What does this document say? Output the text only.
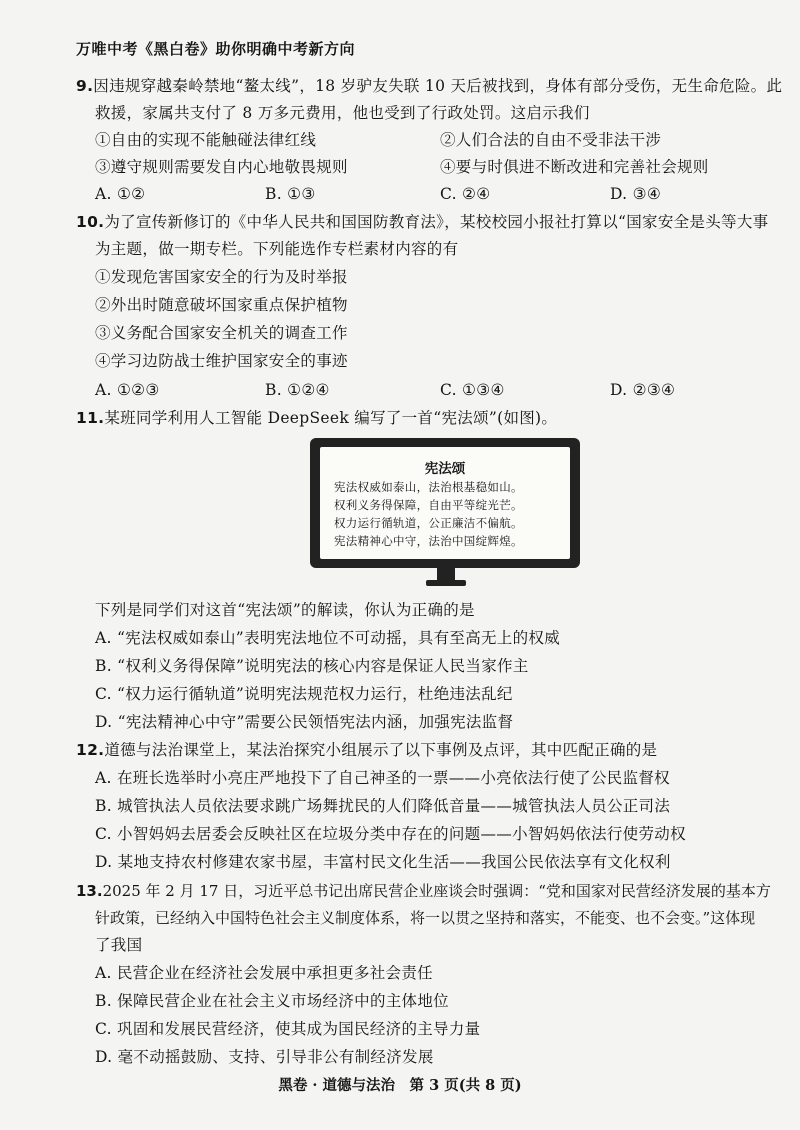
万唯中考《黑白卷》助你明确中考新方向
9.因违规穿越秦岭禁地“鳌太线”，18 岁驴友失联 10 天后被找到，身体有部分受伤，无生命危险。此
救援，家属共支付了 8 万多元费用，他也受到了行政处罚。这启示我们
①自由的实现不能触碰法律红线	②人们合法的自由不受非法干涉
③遵守规则需要发自内心地敬畏规则	④要与时俱进不断改进和完善社会规则
A. ①②	B. ①③	C. ②④	D. ③④
10.为了宣传新修订的《中华人民共和国国防教育法》，某校校园小报社打算以“国家安全是头等大事
为主题，做一期专栏。下列能选作专栏素材内容的有
①发现危害国家安全的行为及时举报
②外出时随意破坏国家重点保护植物
③义务配合国家安全机关的调查工作
④学习边防战士维护国家安全的事迹
A. ①②③	B. ①②④	C. ①③④	D. ②③④
11.某班同学利用人工智能 DeepSeek 编写了一首“宪法颂”(如图)。
宪法颂
宪法权威如泰山，法治根基稳如山。
权利义务得保障，自由平等绽光芒。
权力运行循轨道，公正廉洁不偏航。
宪法精神心中守，法治中国绽辉煌。
下列是同学们对这首“宪法颂”的解读，你认为正确的是
A. “宪法权威如泰山”表明宪法地位不可动摇，具有至高无上的权威
B. “权利义务得保障”说明宪法的核心内容是保证人民当家作主
C. “权力运行循轨道”说明宪法规范权力运行，杜绝违法乱纪
D. “宪法精神心中守”需要公民领悟宪法内涵，加强宪法监督
12.道德与法治课堂上，某法治探究小组展示了以下事例及点评，其中匹配正确的是
A. 在班长选举时小亮庄严地投下了自己神圣的一票——小亮依法行使了公民监督权
B. 城管执法人员依法要求跳广场舞扰民的人们降低音量——城管执法人员公正司法
C. 小智妈妈去居委会反映社区在垃圾分类中存在的问题——小智妈妈依法行使劳动权
D. 某地支持农村修建农家书屋，丰富村民文化生活——我国公民依法享有文化权利
13.2025 年 2 月 17 日，习近平总书记出席民营企业座谈会时强调：“党和国家对民营经济发展的基本方
针政策，已经纳入中国特色社会主义制度体系，将一以贯之坚持和落实，不能变、也不会变。”这体现
了我国
A. 民营企业在经济社会发展中承担更多社会责任
B. 保障民营企业在社会主义市场经济中的主体地位
C. 巩固和发展民营经济，使其成为国民经济的主导力量
D. 毫不动摇鼓励、支持、引导非公有制经济发展
黑卷 · 道德与法治　第 3 页(共 8 页)
